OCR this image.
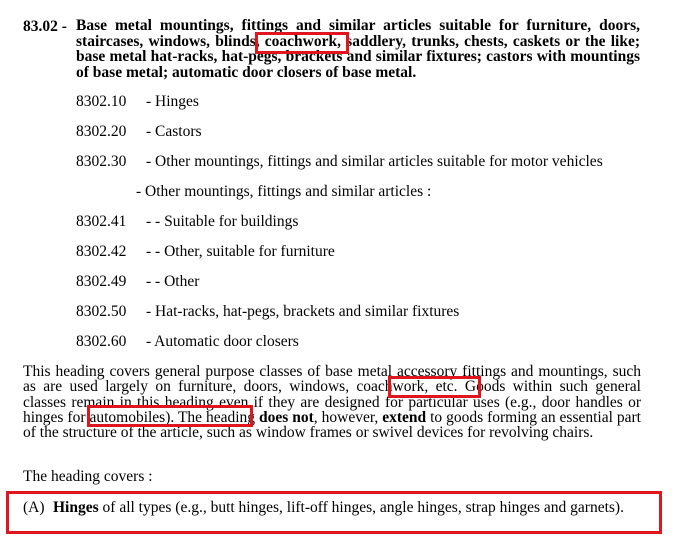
83.02 - Base metal mountings, fittings and similar articles suitable for furniture, doors, staircases, windows, blinds, coachwork, saddlery, trunks, chests, caskets or the like; base metal hat-racks, hat-pegs, brackets and similar fixtures; castors with mountings of base metal; automatic door closers of base metal.
8302.10 - Hinges
8302.20 - Castors
8302.30 - Other mountings, fittings and similar articles suitable for motor vehicles
- Other mountings, fittings and similar articles :
8302.41 - - Suitable for buildings
8302.42 - - Other, suitable for furniture
8302.49 - - Other
8302.50 - Hat-racks, hat-pegs, brackets and similar fixtures
8302.60 - Automatic door closers
This heading covers general purpose classes of base metal accessory fittings and mountings, such as are used largely on furniture, doors, windows, coachwork, etc. Goods within such general classes remain in this heading even if they are designed for particular uses (e.g., door handles or hinges for automobiles). The heading does not, however, extend to goods forming an essential part of the structure of the article, such as window frames or swivel devices for revolving chairs.
The heading covers :
(A) Hinges of all types (e.g., butt hinges, lift-off hinges, angle hinges, strap hinges and garnets).
